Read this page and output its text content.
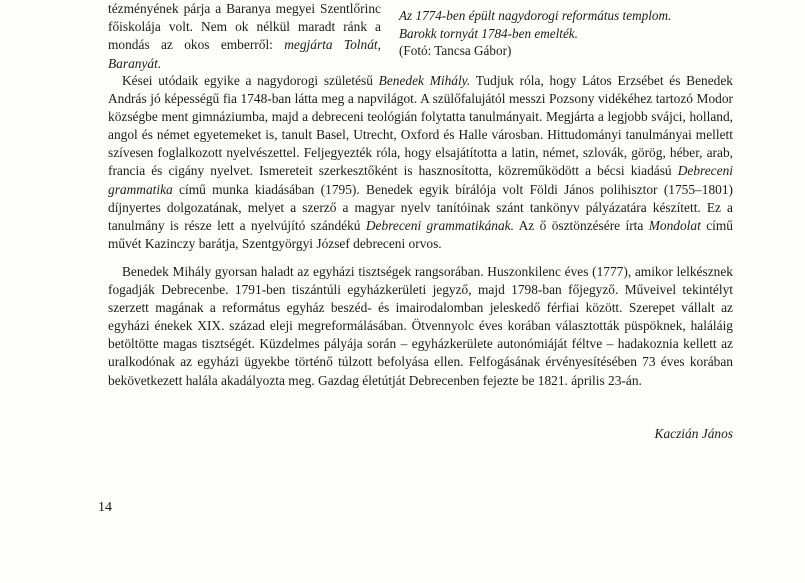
tézményének párja a Baranya megyei Szentlőrinc főiskolája volt. Nem ok nélkül maradt ránk a mondás az okos emberről: megjárta Tolnát, Baranyát.

Az 1774-ben épült nagydorogi református templom.
Barokk tornyát 1784-ben emelték.
(Fotó: Tancsa Gábor)

Kései utódaik egyike a nagydorogi születésű Benedek Mihály. Tudjuk róla, hogy Látos Erzsébet és Benedek András jó képességű fia 1748-ban látta meg a napvilágot. A szülőfalujától messzi Pozsony vidékéhez tartozó Modor községbe ment gimnáziumba, majd a debreceni teológián folytatta tanulmányait. Megjárta a legjobb svájci, holland, angol és német egyetemeket is, tanult Basel, Utrecht, Oxford és Halle városban. Hittudományi tanulmányai mellett szívesen foglalkozott nyelvészettel. Feljegyezték róla, hogy elsajátította a latin, német, szlovák, görög, héber, arab, francia és cigány nyelvet. Ismereteit szerkesztőként is hasznosította, közreműködött a bécsi kiadású Debreceni grammatika című munka kiadásában (1795). Benedek egyik bírálója volt Földi János polihisztor (1755–1801) díjnyertes dolgozatának, melyet a szerző a magyar nyelv tanítóinak szánt tankönyv pályázatára készített. Ez a tanulmány is része lett a nyelvújító szándékú Debreceni grammatikának. Az ő ösztönzésére írta Mondolat című művét Kazinczy barátja, Szentgyörgyi József debreceni orvos.

Benedek Mihály gyorsan haladt az egyházi tisztségek rangsorában. Huszonkilenc éves (1777), amikor lelkésznek fogadják Debrecenbe. 1791-ben tiszántúli egyházkerületi jegyző, majd 1798-ban főjegyző. Műveivel tekintélyt szerzett magának a református egyház beszéd- és imairodalomban jeleskedő férfiai között. Szerepet vállalt az egyházi énekek XIX. század eleji megreformálásában. Ötvennyolc éves korában választották püspöknek, haláláig betöltötte magas tisztségét. Küzdelmes pályája során – egyházkerülete autonómiáját féltve – hadakoznia kellett az uralkodónak az egyházi ügyekbe történő túlzott befolyása ellen. Felfogásának érvényesítésében 73 éves korában bekövetkezett halála akadályozta meg. Gazdag életútját Debrecenben fejezte be 1821. április 23-án.

Kaczián János
14
